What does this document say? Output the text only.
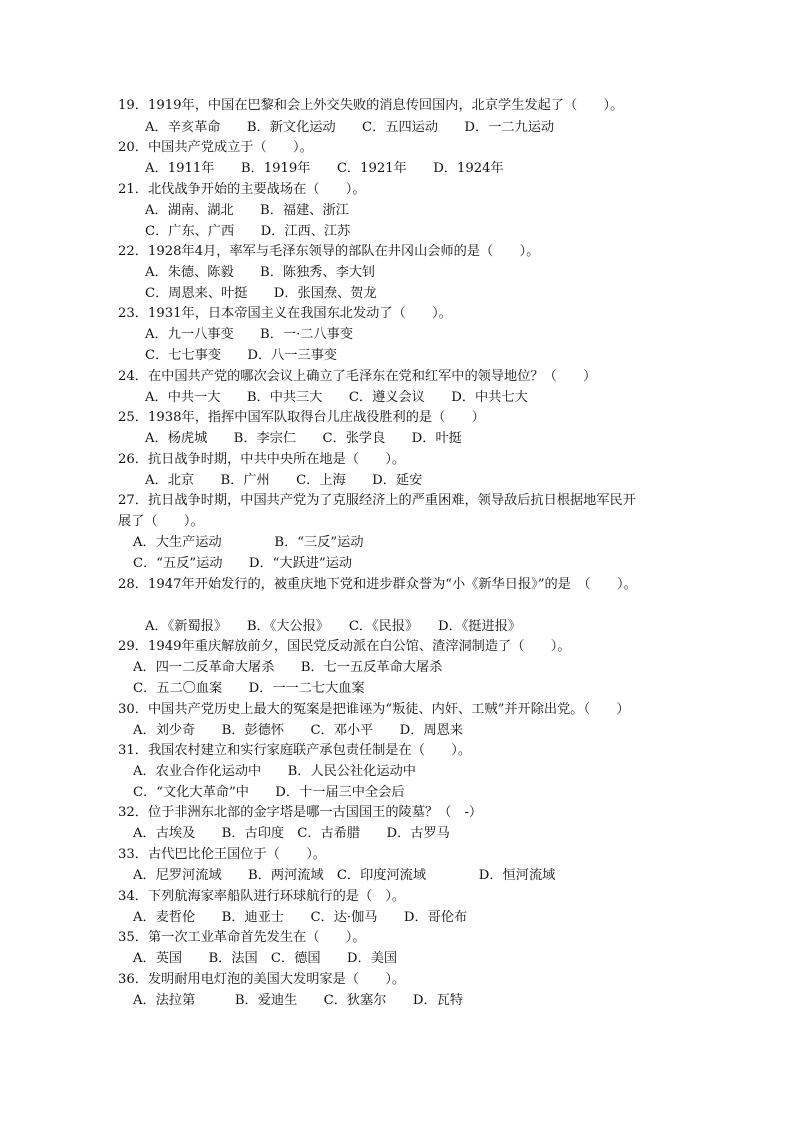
19．1919年，中国在巴黎和会上外交失败的消息传回国内，北京学生发起了（　　）。
A．辛亥革命　　B．新文化运动　　C．五四运动　　D．一二九运动
20．中国共产党成立于（　　）。
A．1911年　　B．1919年　　C．1921年　　D．1924年
21．北伐战争开始的主要战场在（　　）。
A．湖南、湖北　　B．福建、浙江
C．广东、广西　　D．江西、江苏
22．1928年4月，率军与毛泽东领导的部队在井冈山会师的是（　　）。
A．朱德、陈毅　　B．陈独秀、李大钊
C．周恩来、叶挺　　D．张国焘、贺龙
23．1931年，日本帝国主义在我国东北发动了（　　）。
A．九一八事变　　B．一·二八事变
C．七七事变　　D．八一三事变
24．在中国共产党的哪次会议上确立了毛泽东在党和红军中的领导地位？（　　）
A．中共一大　　B．中共三大　　C．遵义会议　　D．中共七大
25．1938年，指挥中国军队取得台儿庄战役胜利的是（　　）
A．杨虎城　　B．李宗仁　　C．张学良　　D．叶挺
26．抗日战争时期，中共中央所在地是（　　）。
A．北京　　B．广州　　C．上海　　D．延安
27．抗日战争时期，中国共产党为了克服经济上的严重困难，领导敌后抗日根据地军民开
展了（　　）。
A．大生产运动　　　　B．“三反”运动
C．“五反”运动　　D．“大跃进”运动
28．1947年开始发行的，被重庆地下党和进步群众誉为“小《新华日报》”的是　（　　）。
A．《新蜀报》　　B．《大公报》　　C．《民报》　　D．《挺进报》
29．1949年重庆解放前夕，国民党反动派在白公馆、渣滓洞制造了（　　）。
A．四一二反革命大屠杀　　B．七一五反革命大屠杀
C．五二〇血案　　D．一一二七大血案
30．中国共产党历史上最大的冤案是把谁诬为“叛徒、内奸、工贼”并开除出党。（　　）
A．刘少奇　　B．彭德怀　　C．邓小平　　D．周恩来
31．我国农村建立和实行家庭联产承包责任制是在（　　）。
A．农业合作化运动中　　B．人民公社化运动中
C．“文化大革命”中　　D．十一届三中全会后
32．位于非洲东北部的金字塔是哪一古国国王的陵墓？（　-）
A．古埃及　　B．古印度　C．古希腊　　D．古罗马
33．古代巴比伦王国位于（　　）。
A．尼罗河流域　　B．两河流域　C．印度河流域　　　　D．恒河流域
34．下列航海家率船队进行环球航行的是（　）。
A．麦哲伦　　B．迪亚士　　C．达·伽马　　D．哥伦布
35．第一次工业革命首先发生在（　　）。
A．英国　　B．法国　C．德国　　D．美国
36．发明耐用电灯泡的美国大发明家是（　　）。
A．法拉第　　　B．爱迪生　　C．狄塞尔　　D．瓦特
